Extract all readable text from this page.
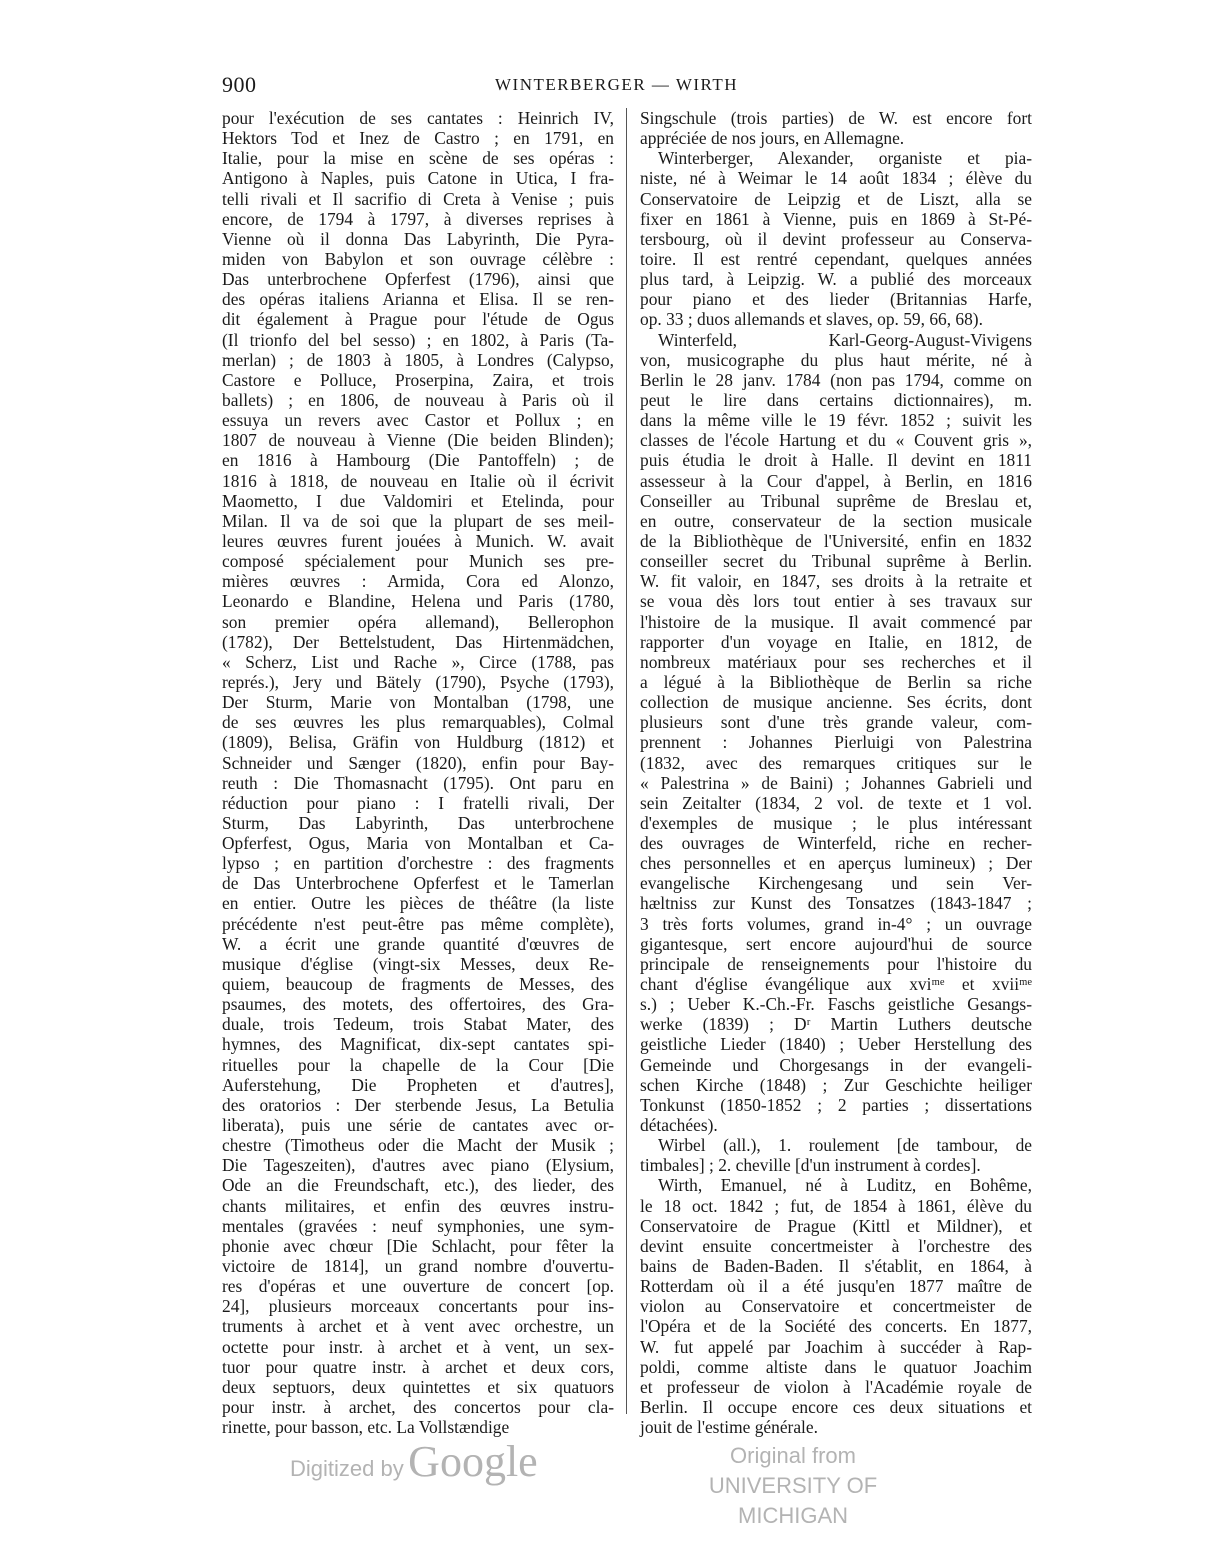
900	WINTERBERGER — WIRTH
pour l'exécution de ses cantates : Heinrich IV,
Hektors Tod et Inez de Castro ; en 1791, en
Italie, pour la mise en scène de ses opéras :
Antigono à Naples, puis Catone in Utica, I fra-
telli rivali et Il sacrifio di Creta à Venise ; puis
encore, de 1794 à 1797, à diverses reprises à
Vienne où il donna Das Labyrinth, Die Pyra-
miden von Babylon et son ouvrage célèbre :
Das unterbrochene Opferfest (1796), ainsi que
des opéras italiens Arianna et Elisa. Il se ren-
dit également à Prague pour l'étude de Ogus
(Il trionfo del bel sesso) ; en 1802, à Paris (Ta-
merlan) ; de 1803 à 1805, à Londres (Calypso,
Castore e Polluce, Proserpina, Zaira, et trois
ballets) ; en 1806, de nouveau à Paris où il
essuya un revers avec Castor et Pollux ; en
1807 de nouveau à Vienne (Die beiden Blinden);
en 1816 à Hambourg (Die Pantoffeln) ; de
1816 à 1818, de nouveau en Italie où il écrivit
Maometto, I due Valdomiri et Etelinda, pour
Milan. Il va de soi que la plupart de ses meil-
leures œuvres furent jouées à Munich. W. avait
composé spécialement pour Munich ses pre-
mières œuvres : Armida, Cora ed Alonzo,
Leonardo e Blandine, Helena und Paris (1780,
son premier opéra allemand), Bellerophon
(1782), Der Bettelstudent, Das Hirtenmädchen,
« Scherz, List und Rache », Circe (1788, pas
représ.), Jery und Bätely (1790), Psyche (1793),
Der Sturm, Marie von Montalban (1798, une
de ses œuvres les plus remarquables), Colmal
(1809), Belisa, Gräfin von Huldburg (1812) et
Schneider und Sænger (1820), enfin pour Bay-
reuth : Die Thomasnacht (1795). Ont paru en
réduction pour piano : I fratelli rivali, Der
Sturm, Das Labyrinth, Das unterbrochene
Opferfest, Ogus, Maria von Montalban et Ca-
lypso ; en partition d'orchestre : des fragments
de Das Unterbrochene Opferfest et le Tamerlan
en entier. Outre les pièces de théâtre (la liste
précédente n'est peut-être pas même complète),
W. a écrit une grande quantité d'œuvres de
musique d'église (vingt-six Messes, deux Re-
quiem, beaucoup de fragments de Messes, des
psaumes, des motets, des offertoires, des Gra-
duale, trois Tedeum, trois Stabat Mater, des
hymnes, des Magnificat, dix-sept cantates spi-
rituelles pour la chapelle de la Cour [Die
Auferstehung, Die Propheten et d'autres],
des oratorios : Der sterbende Jesus, La Betulia
liberata), puis une série de cantates avec or-
chestre (Timotheus oder die Macht der Musik ;
Die Tageszeiten), d'autres avec piano (Elysium,
Ode an die Freundschaft, etc.), des lieder, des
chants militaires, et enfin des œuvres instru-
mentales (gravées : neuf symphonies, une sym-
phonie avec chœur [Die Schlacht, pour fêter la
victoire de 1814], un grand nombre d'ouvertu-
res d'opéras et une ouverture de concert [op.
24], plusieurs morceaux concertants pour ins-
truments à archet et à vent avec orchestre, un
octette pour instr. à archet et à vent, un sex-
tuor pour quatre instr. à archet et deux cors,
deux septuors, deux quintettes et six quatuors
pour instr. à archet, des concertos pour cla-
rinette, pour basson, etc. La Vollstændige
Singschule (trois parties) de W. est encore fort
appréciée de nos jours, en Allemagne.
Winterberger, Alexander, organiste et pia-
niste, né à Weimar le 14 août 1834 ; élève du
Conservatoire de Leipzig et de Liszt, alla se
fixer en 1861 à Vienne, puis en 1869 à St-Pé-
tersbourg, où il devint professeur au Conserva-
toire. Il est rentré cependant, quelques années
plus tard, à Leipzig. W. a publié des morceaux
pour piano et des lieder (Britannias Harfe,
op. 33 ; duos allemands et slaves, op. 59, 66, 68).
Winterfeld, Karl-Georg-August-Vivigens
von, musicographe du plus haut mérite, né à
Berlin le 28 janv. 1784 (non pas 1794, comme on
peut le lire dans certains dictionnaires), m.
dans la même ville le 19 févr. 1852 ; suivit les
classes de l'école Hartung et du « Couvent gris »,
puis étudia le droit à Halle. Il devint en 1811
assesseur à la Cour d'appel, à Berlin, en 1816
Conseiller au Tribunal suprême de Breslau et,
en outre, conservateur de la section musicale
de la Bibliothèque de l'Université, enfin en 1832
conseiller secret du Tribunal suprême à Berlin.
W. fit valoir, en 1847, ses droits à la retraite et
se voua dès lors tout entier à ses travaux sur
l'histoire de la musique. Il avait commencé par
rapporter d'un voyage en Italie, en 1812, de
nombreux matériaux pour ses recherches et il
a légué à la Bibliothèque de Berlin sa riche
collection de musique ancienne. Ses écrits, dont
plusieurs sont d'une très grande valeur, com-
prennent : Johannes Pierluigi von Palestrina
(1832, avec des remarques critiques sur le
« Palestrina » de Baini) ; Johannes Gabrieli und
sein Zeitalter (1834, 2 vol. de texte et 1 vol.
d'exemples de musique ; le plus intéressant
des ouvrages de Winterfeld, riche en recher-
ches personnelles et en aperçus lumineux) ; Der
evangelische Kirchengesang und sein Ver-
hæltniss zur Kunst des Tonsatzes (1843-1847 ;
3 très forts volumes, grand in-4° ; un ouvrage
gigantesque, sert encore aujourd'hui de source
principale de renseignements pour l'histoire du
chant d'église évangélique aux xviᵐᵉ et xviiᵐᵉ
s.) ; Ueber K.-Ch.-Fr. Faschs geistliche Gesangs-
werke (1839) ; Dʳ Martin Luthers deutsche
geistliche Lieder (1840) ; Ueber Herstellung des
Gemeinde und Chorgesangs in der evangeli-
schen Kirche (1848) ; Zur Geschichte heiliger
Tonkunst (1850-1852 ; 2 parties ; dissertations
détachées).
Wirbel (all.), 1. roulement [de tambour, de
timbales] ; 2. cheville [d'un instrument à cordes].
Wirth, Emanuel, né à Luditz, en Bohême,
le 18 oct. 1842 ; fut, de 1854 à 1861, élève du
Conservatoire de Prague (Kittl et Mildner), et
devint ensuite concertmeister à l'orchestre des
bains de Baden-Baden. Il s'établit, en 1864, à
Rotterdam où il a été jusqu'en 1877 maître de
violon au Conservatoire et concertmeister de
l'Opéra et de la Société des concerts. En 1877,
W. fut appelé par Joachim à succéder à Rap-
poldi, comme altiste dans le quatuor Joachim
et professeur de violon à l'Académie royale de
Berlin. Il occupe encore ces deux situations et
jouit de l'estime générale.
Digitized by Google	Original from
UNIVERSITY OF MICHIGAN
